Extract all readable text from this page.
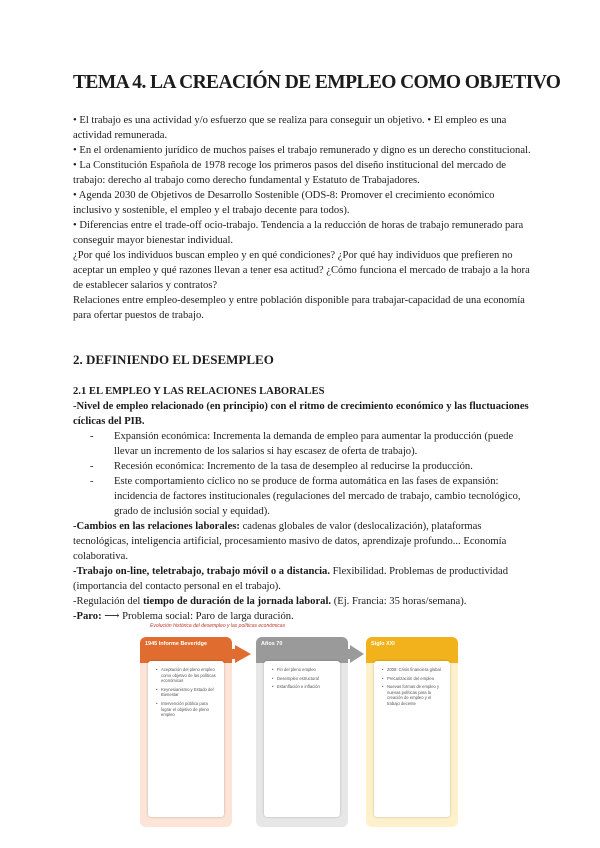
TEMA 4. LA CREACIÓN DE EMPLEO COMO OBJETIVO

• El trabajo es una actividad y/o esfuerzo que se realiza para conseguir un objetivo. • El empleo es una actividad remunerada.

• En el ordenamiento jurídico de muchos países el trabajo remunerado y digno es un derecho constitucional.

• La Constitución Española de 1978 recoge los primeros pasos del diseño institucional del mercado de trabajo: derecho al trabajo como derecho fundamental y Estatuto de Trabajadores.

• Agenda 2030 de Objetivos de Desarrollo Sostenible (ODS-8: Promover el crecimiento económico inclusivo y sostenible, el empleo y el trabajo decente para todos).

• Diferencias entre el trade-off ocio-trabajo. Tendencia a la reducción de horas de trabajo remunerado para conseguir mayor bienestar individual.

¿Por qué los individuos buscan empleo y en qué condiciones? ¿Por qué hay individuos que prefieren no aceptar un empleo y qué razones llevan a tener esa actitud? ¿Cómo funciona el mercado de trabajo a la hora de establecer salarios y contratos?

Relaciones entre empleo-desempleo y entre población disponible para trabajar-capacidad de una economía para ofertar puestos de trabajo.

2. DEFINIENDO EL DESEMPLEO
2.1 EL EMPLEO Y LAS RELACIONES LABORALES

-Nivel de empleo relacionado (en principio) con el ritmo de crecimiento económico y las fluctuaciones cíclicas del PIB.

- Expansión económica: Incrementa la demanda de empleo para aumentar la producción (puede llevar un incremento de los salarios si hay escasez de oferta de trabajo).

- Recesión económica: Incremento de la tasa de desempleo al reducirse la producción.

- Este comportamiento cíclico no se produce de forma automática en las fases de expansión: incidencia de factores institucionales (regulaciones del mercado de trabajo, cambio tecnológico, grado de inclusión social y equidad).

-Cambios en las relaciones laborales: cadenas globales de valor (deslocalización), plataformas tecnológicas, inteligencia artificial, procesamiento masivo de datos, aprendizaje profundo... Economía colaborativa.

-Trabajo on-line, teletrabajo, trabajo móvil o a distancia. Flexibilidad. Problemas de productividad (importancia del contacto personal en el trabajo).

-Regulación del tiempo de duración de la jornada laboral. (Ej. Francia: 35 horas/semana).

-Paro: ⟶ Problema social: Paro de larga duración.

Evolución histórica del desempleo y las políticas económicas
1945 Informe Beveridge
• Aceptación del pleno empleo como objetivo de las políticas económicas
• Keynesianismo y Estado del Bienestar
• Intervención pública para lograr el objetivo de pleno empleo
Años 70
• Fin del pleno empleo
• Desempleo estructural
• Estanflación e inflación
Siglo XXI
• 2008: Crisis financiera global
• Precarización del empleo
• Nuevas formas de empleo y nuevas políticas para la creación de empleo y el trabajo decente
